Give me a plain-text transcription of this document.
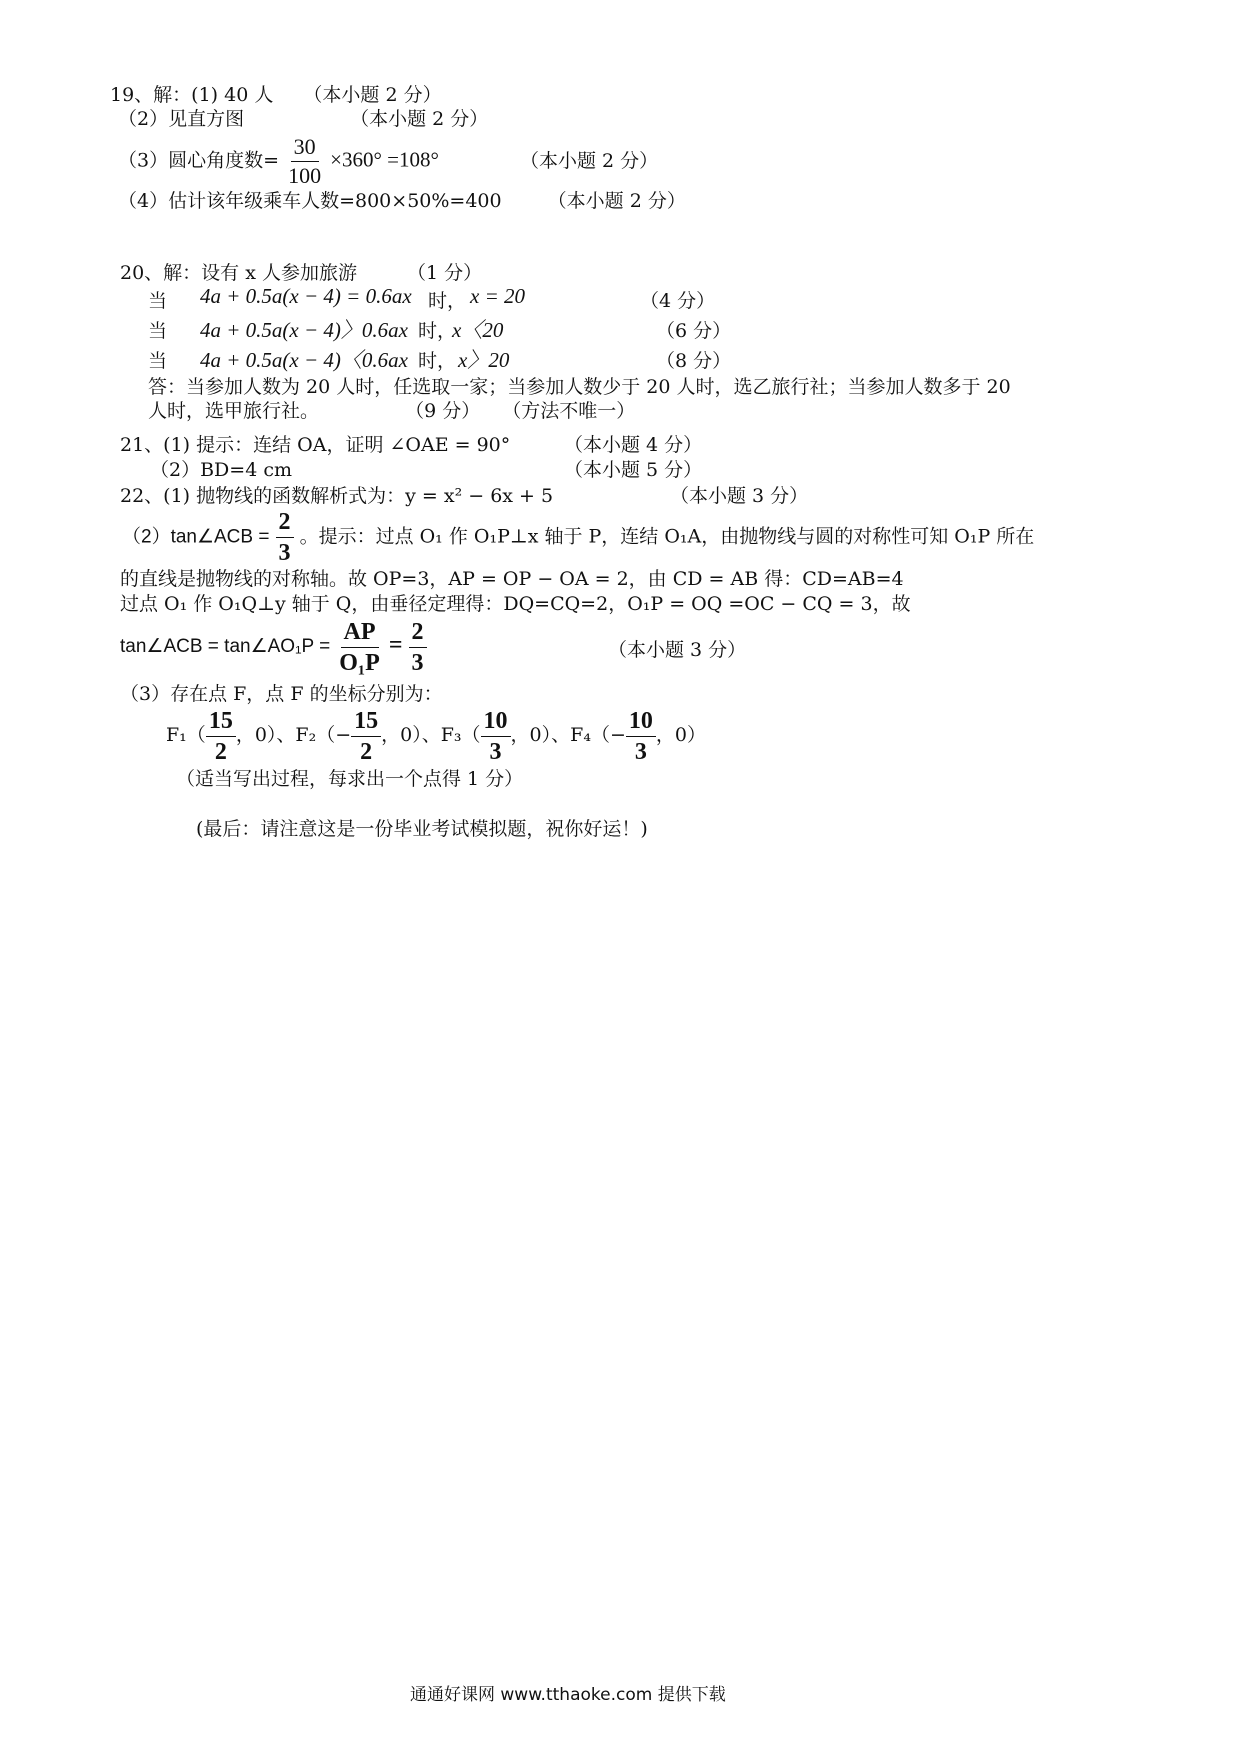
19、解：(1) 40 人 （本小题 2 分）
（2）见直方图	（本小题 2 分）
（3）圆心角度数= $\frac{30}{100} \times 360^\circ =108^\circ$	（本小题 2 分）
（4）估计该年级乘车人数=800×50%=400 （本小题 2 分）
20、解：设有 x 人参加旅游	（1 分）
当 4a + 0.5a(x − 4) = 0.6ax 时， x = 20	（4 分）
当 4a + 0.5a(x − 4)〉0.6ax 时，
x〈20	（6 分）
当 4a + 0.5a(x − 4)〈0.6ax 时， x〉20	（8 分）
答：当参加人数为 20 人时，任选取一家；当参加人数少于 20 人时，选乙旅行社；当参加人数多于 20
人时，选甲旅行社。	（9 分） （方法不唯一）
21、(1) 提示：连结 OA，证明 ∠OAE = 90°	（本小题 4 分）
（2）BD=4 cm	（本小题 5 分）
22、(1) 抛物线的函数解析式为：y = x² − 6x + 5	（本小题 3 分）
（2）tan∠ACB = $\frac{2}{3}$ 。提示：过点 O₁ 作 O₁P⊥x 轴于 P，连结 O₁A，由抛物线与圆的对称性可知 O₁P 所在
的直线是抛物线的对称轴。故 OP=3，AP = OP − OA = 2，由 CD = AB 得：CD=AB=4
过点 O₁ 作 O₁Q⊥y 轴于 Q，由垂径定理得：DQ=CQ=2，O₁P = OQ =OC − CQ = 3，故
tan∠ACB = tan∠AO₁P = $\frac{AP}{\text{O₁P}} = \frac{2}{3}$	（本小题 3 分）
（3）存在点 F，点 F 的坐标分别为：
$F_1( \frac{15}{2}$ ，0）、$F_2(- \frac{15}{2}$ ，0）、$F_3( \frac{10}{3}$ ，0）、$F_4(- \frac{10}{3}$ ，0）
（适当写出过程，每求出一个点得 1 分）
(最后：请注意这是一份毕业考试模拟题，祝你好运！)
通通好课网 www.tthaoke.com 提供下载
